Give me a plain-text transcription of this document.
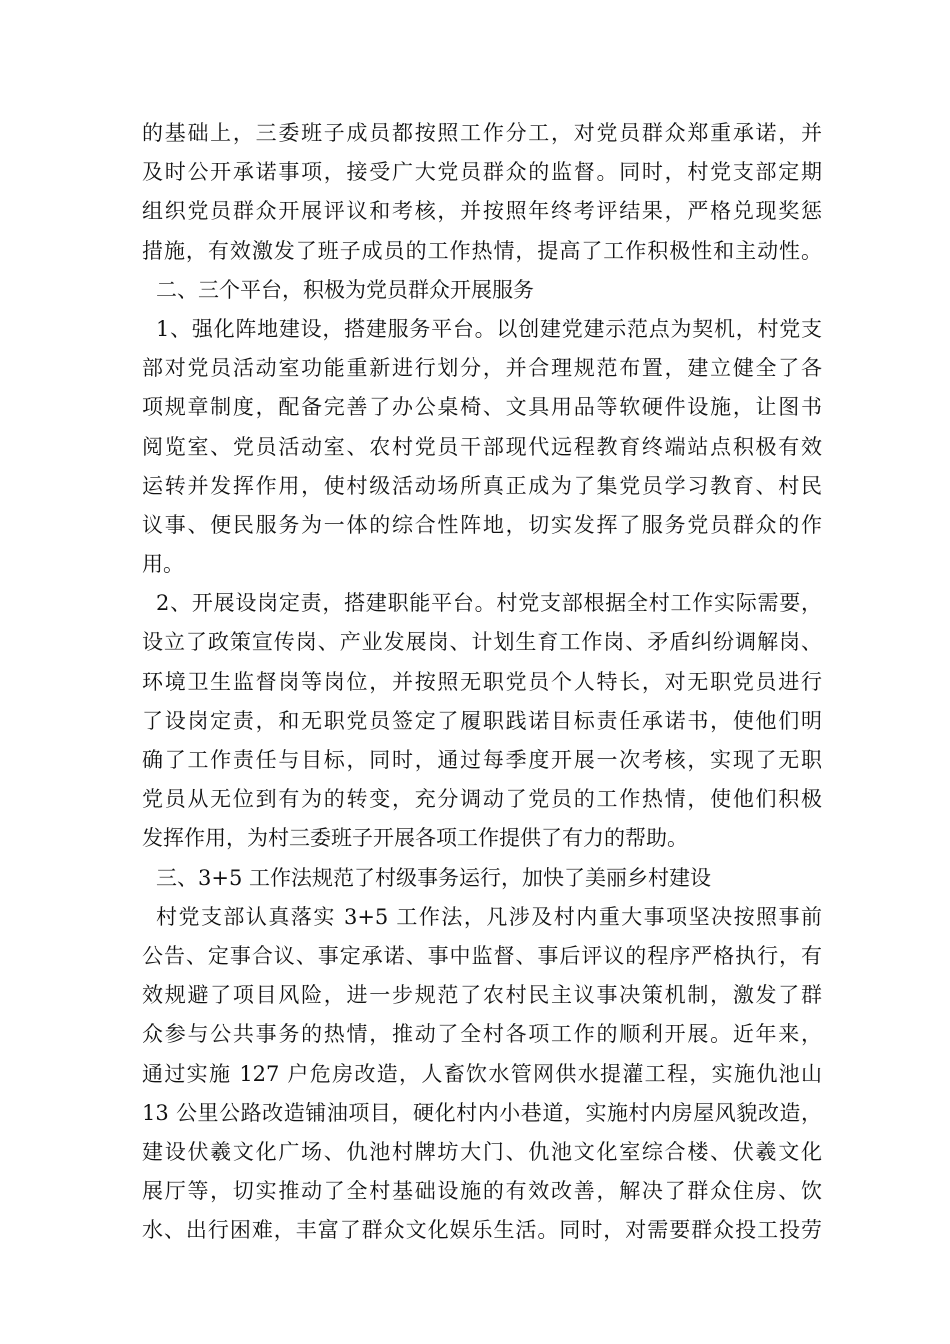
的基础上，三委班子成员都按照工作分工，对党员群众郑重承诺，并
及时公开承诺事项，接受广大党员群众的监督。同时，村党支部定期
组织党员群众开展评议和考核，并按照年终考评结果，严格兑现奖惩
措施，有效激发了班子成员的工作热情，提高了工作积极性和主动性。
二、三个平台，积极为党员群众开展服务
1、强化阵地建设，搭建服务平台。以创建党建示范点为契机，村党支
部对党员活动室功能重新进行划分，并合理规范布置，建立健全了各
项规章制度，配备完善了办公桌椅、文具用品等软硬件设施，让图书
阅览室、党员活动室、农村党员干部现代远程教育终端站点积极有效
运转并发挥作用，使村级活动场所真正成为了集党员学习教育、村民
议事、便民服务为一体的综合性阵地，切实发挥了服务党员群众的作
用。
2、开展设岗定责，搭建职能平台。村党支部根据全村工作实际需要，
设立了政策宣传岗、产业发展岗、计划生育工作岗、矛盾纠纷调解岗、
环境卫生监督岗等岗位，并按照无职党员个人特长，对无职党员进行
了设岗定责，和无职党员签定了履职践诺目标责任承诺书，使他们明
确了工作责任与目标，同时，通过每季度开展一次考核，实现了无职
党员从无位到有为的转变，充分调动了党员的工作热情，使他们积极
发挥作用，为村三委班子开展各项工作提供了有力的帮助。
三、3+5 工作法规范了村级事务运行，加快了美丽乡村建设
村党支部认真落实 3+5 工作法，凡涉及村内重大事项坚决按照事前
公告、定事合议、事定承诺、事中监督、事后评议的程序严格执行，有
效规避了项目风险，进一步规范了农村民主议事决策机制，激发了群
众参与公共事务的热情，推动了全村各项工作的顺利开展。近年来，
通过实施 127 户危房改造，人畜饮水管网供水提灌工程，实施仇池山
13 公里公路改造铺油项目，硬化村内小巷道，实施村内房屋风貌改造，
建设伏羲文化广场、仇池村牌坊大门、仇池文化室综合楼、伏羲文化
展厅等，切实推动了全村基础设施的有效改善，解决了群众住房、饮
水、出行困难，丰富了群众文化娱乐生活。同时，对需要群众投工投劳
